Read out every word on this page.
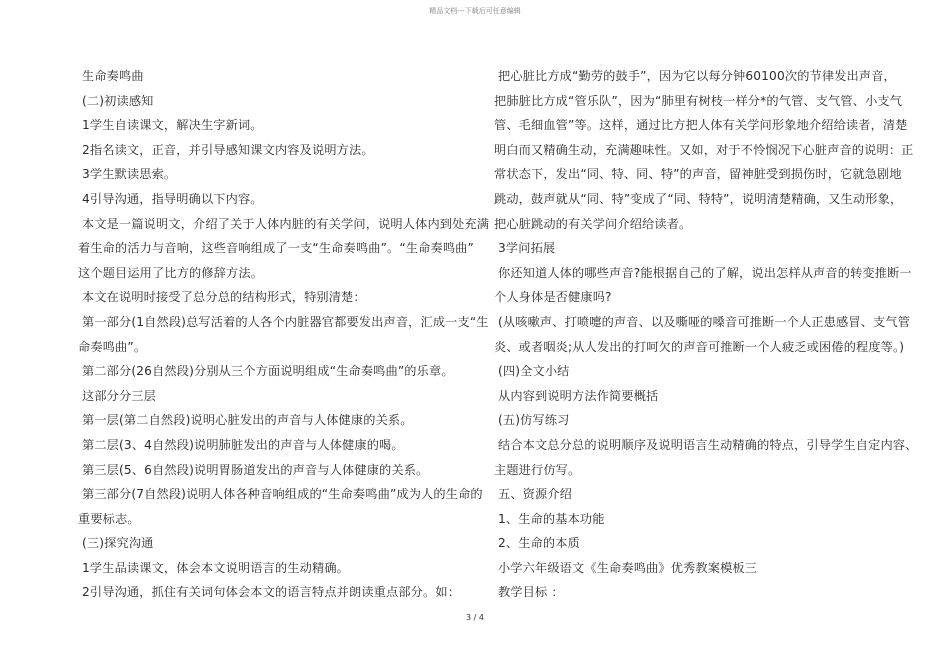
精品文档---下载后可任意编辑
生命奏鸣曲
(二)初读感知
1学生自读课文，解决生字新词。
2指名读文，正音，并引导感知课文内容及说明方法。
3学生默读思索。
4引导沟通，指导明确以下内容。
本文是一篇说明文，介绍了关于人体内脏的有关学问，说明人体内到处充满
着生命的活力与音响，这些音响组成了一支“生命奏鸣曲”。“生命奏鸣曲”
这个题目运用了比方的修辞方法。
本文在说明时接受了总分总的结构形式，特别清楚：
第一部分(1自然段)总写活着的人各个内脏器官都要发出声音，汇成一支“生
命奏鸣曲”。
第二部分(26自然段)分别从三个方面说明组成“生命奏鸣曲”的乐章。
这部分分三层
第一层(第二自然段)说明心脏发出的声音与人体健康的关系。
第二层(3、4自然段)说明肺脏发出的声音与人体健康的喝。
第三层(5、6自然段)说明胃肠道发出的声音与人体健康的关系。
第三部分(7自然段)说明人体各种音响组成的“生命奏鸣曲”成为人的生命的
重要标志。
(三)探究沟通
1学生品读课文，体会本文说明语言的生动精确。
2引导沟通，抓住有关词句体会本文的语言特点并朗读重点部分。如：
把心脏比方成“勤劳的鼓手”，因为它以每分钟60100次的节律发出声音，
把肺脏比方成“管乐队”，因为“肺里有树枝一样分*的气管、支气管、小支气
管、毛细血管”等。这样，通过比方把人体有关学问形象地介绍给读者，清楚
明白而又精确生动，充满趣味性。又如，对于不怜悯况下心脏声音的说明：正
常状态下，发出“同、特、同、特”的声音，留神脏受到损伤时，它就急剧地
跳动，鼓声就从“同、特”变成了“同、特特”，说明清楚精确，又生动形象，
把心脏跳动的有关学问介绍给读者。
3学问拓展
你还知道人体的哪些声音?能根据自己的了解，说出怎样从声音的转变推断一
个人身体是否健康吗?
(从咳嗽声、打喷嚏的声音、以及嘶哑的嗓音可推断一个人正患感冒、支气管
炎、或者咽炎;从人发出的打呵欠的声音可推断一个人疲乏或困倦的程度等。)
(四)全文小结
从内容到说明方法作简要概括
(五)仿写练习
结合本文总分总的说明顺序及说明语言生动精确的特点，引导学生自定内容、
主题进行仿写。
五、资源介绍
1、生命的基本功能
2、生命的本质
小学六年级语文《生命奏鸣曲》优秀教案模板三
教学目标 ：
3 / 4
